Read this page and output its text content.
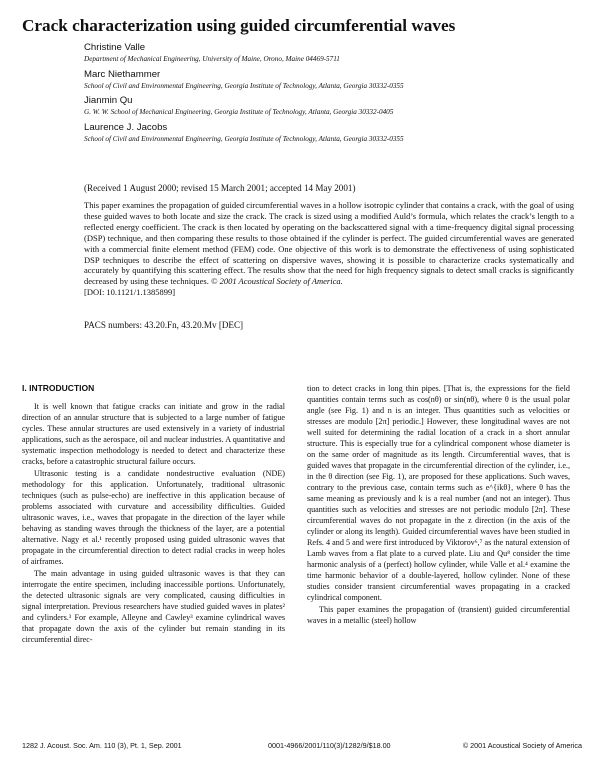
Crack characterization using guided circumferential waves
Christine Valle
Department of Mechanical Engineering, University of Maine, Orono, Maine 04469-5711
Marc Niethammer
School of Civil and Environmental Engineering, Georgia Institute of Technology, Atlanta, Georgia 30332-0355
Jianmin Qu
G. W. W. School of Mechanical Engineering, Georgia Institute of Technology, Atlanta, Georgia 30332-0405
Laurence J. Jacobs
School of Civil and Environmental Engineering, Georgia Institute of Technology, Atlanta, Georgia 30332-0355
(Received 1 August 2000; revised 15 March 2001; accepted 14 May 2001)

This paper examines the propagation of guided circumferential waves in a hollow isotropic cylinder that contains a crack, with the goal of using these guided waves to both locate and size the crack. The crack is sized using a modified Auld’s formula, which relates the crack’s length to a reflected energy coefficient. The crack is then located by operating on the backscattered signal with a time-frequency digital signal processing (DSP) technique, and then comparing these results to those obtained if the cylinder is perfect. The guided circumferential waves are generated with a commercial finite element method (FEM) code. One objective of this work is to demonstrate the effectiveness of using sophisticated DSP techniques to describe the effect of scattering on dispersive waves, showing it is possible to characterize cracks systematically and accurately by quantifying this scattering effect. The results show that the need for high frequency signals to detect small cracks is significantly decreased by using these techniques. © 2001 Acoustical Society of America.
[DOI: 10.1121/1.1385899]

PACS numbers: 43.20.Fn, 43.20.Mv [DEC]
I. INTRODUCTION

It is well known that fatigue cracks can initiate and grow in the radial direction of an annular structure that is subjected to a large number of fatigue cycles. These annular structures are used extensively in a variety of industrial applications, such as the aerospace, oil and nuclear industries. A quantitative and systematic inspection methodology is needed to detect and characterize these cracks, before a catastrophic structural failure occurs.

Ultrasonic testing is a candidate nondestructive evaluation (NDE) methodology for this application. Unfortunately, traditional ultrasonic techniques (such as pulse-echo) are ineffective in this application because of problems associated with curvature and accessibility difficulties. Guided ultrasonic waves, i.e., waves that propagate in the direction of the layer while behaving as standing waves through the thickness of the layer, are a potential alternative. Nagy et al.¹ recently proposed using guided ultrasonic waves that propagate in the circumferential direction to detect radial cracks in weep holes of airframes.

The main advantage in using guided ultrasonic waves is that they can interrogate the entire specimen, including inaccessible portions. Unfortunately, the detected ultrasonic signals are very complicated, causing difficulties in signal interpretation. Previous researchers have studied guided waves in plates² and cylinders.³ For example, Alleyne and Cawley³ examine cylindrical waves that propagate down the axis of the cylinder but remain standing in its circumferential direc-

tion to detect cracks in long thin pipes. [That is, the expressions for the field quantities contain terms such as cos(nθ) or sin(nθ), where θ is the usual polar angle (see Fig. 1) and n is an integer. Thus quantities such as velocities or stresses are modulo [2π] periodic.] However, these longitudinal waves are not well suited for determining the radial location of a crack in a short annular structure. This is especially true for a cylindrical component whose diameter is on the same order of magnitude as its length. Circumferential waves, that is guided waves that propagate in the circumferential direction of the cylinder, i.e., in the θ direction (see Fig. 1), are proposed for these applications. Such waves, contrary to the previous case, contain terms such as e^{ikθ}, where θ has the same meaning as previously and k is a real number (and not an integer). Thus quantities such as velocities and stresses are not periodic modulo [2π]. These circumferential waves do not propagate in the z direction (in the axis of the cylinder or along its length). Guided circumferential waves have been studied in Refs. 4 and 5 and were first introduced by Viktorov⁶,⁷ as the natural extension of Lamb waves from a flat plate to a curved plate. Liu and Qu⁸ consider the time harmonic analysis of a (perfect) hollow cylinder, while Valle et al.⁴ examine the time harmonic behavior of a double-layered, hollow cylinder. None of these studies consider transient circumferential waves propagating in a cracked cylindrical component.

This paper examines the propagation of (transient) guided circumferential waves in a metallic (steel) hollow

1282 J. Acoust. Soc. Am. 110 (3), Pt. 1, Sep. 2001	0001-4966/2001/110(3)/1282/9/$18.00	© 2001 Acoustical Society of America
